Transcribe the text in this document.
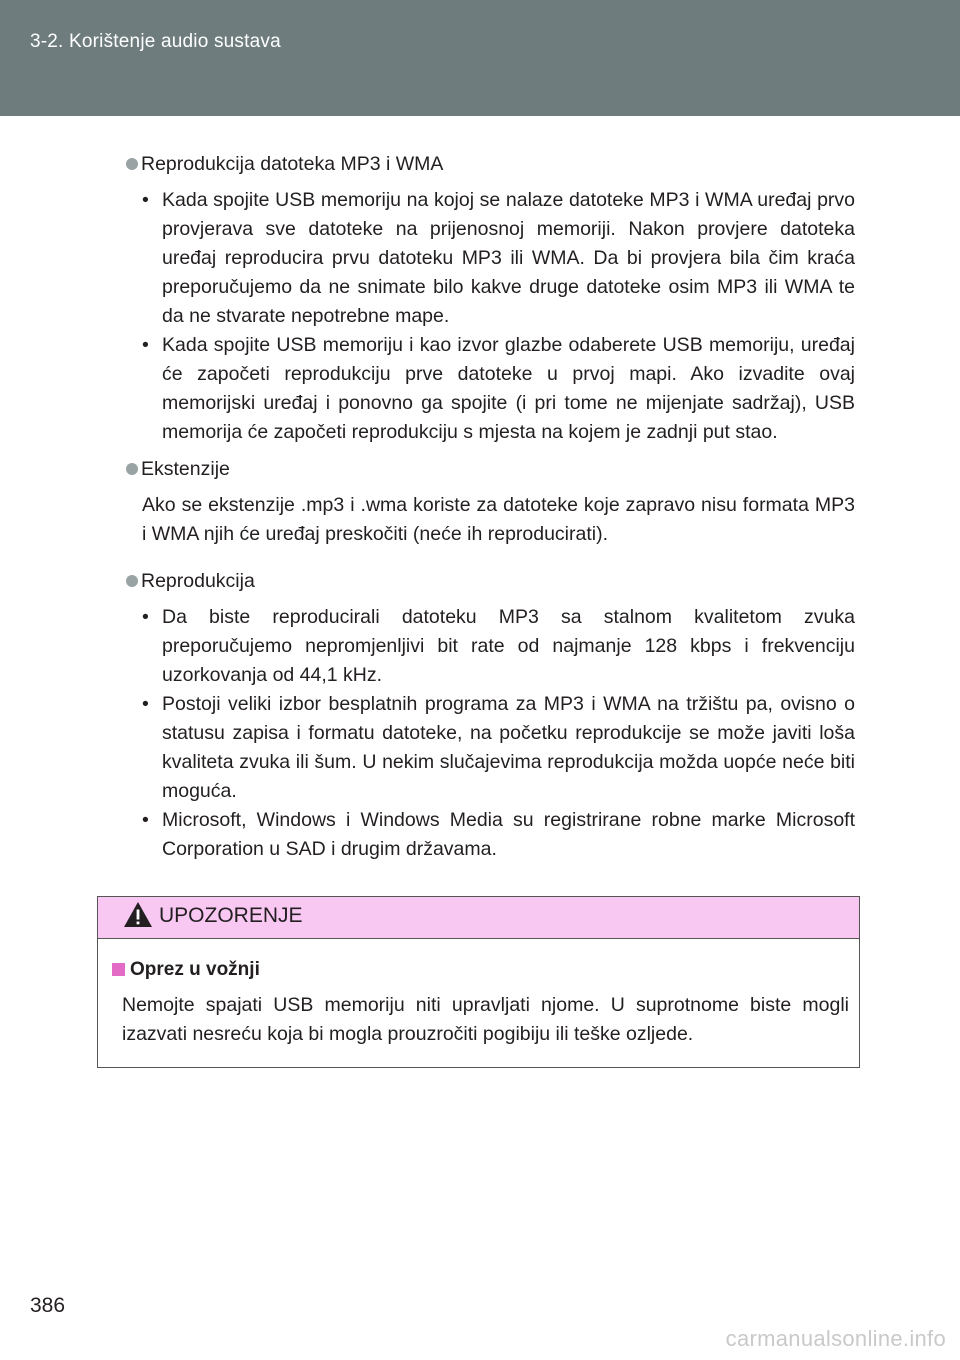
3-2. Korištenje audio sustava
Reprodukcija datoteka MP3 i WMA
• Kada spojite USB memoriju na kojoj se nalaze datoteke MP3 i WMA uređaj prvo provjerava sve datoteke na prijenosnoj memoriji. Nakon provjere datoteka uređaj reproducira prvu datoteku MP3 ili WMA. Da bi provjera bila čim kraća preporučujemo da ne snimate bilo kakve druge datoteke osim MP3 ili WMA te da ne stvarate nepotrebne mape.
• Kada spojite USB memoriju i kao izvor glazbe odaberete USB memoriju, uređaj će započeti reprodukciju prve datoteke u prvoj mapi. Ako izvadite ovaj memorijski uređaj i ponovno ga spojite (i pri tome ne mijenjate sadržaj), USB memorija će započeti reprodukciju s mjesta na kojem je zadnji put stao.
Ekstenzije
Ako se ekstenzije .mp3 i .wma koriste za datoteke koje zapravo nisu formata MP3 i WMA njih će uređaj preskočiti (neće ih reproducirati).
Reprodukcija
• Da biste reproducirali datoteku MP3 sa stalnom kvalitetom zvuka preporučujemo nepromjenljivi bit rate od najmanje 128 kbps i frekvenciju uzorkovanja od 44,1 kHz.
• Postoji veliki izbor besplatnih programa za MP3 i WMA na tržištu pa, ovisno o statusu zapisa i formatu datoteke, na početku reprodukcije se može javiti loša kvaliteta zvuka ili šum. U nekim slučajevima reprodukcija možda uopće neće biti moguća.
• Microsoft, Windows i Windows Media su registrirane robne marke Microsoft Corporation u SAD i drugim državama.
UPOZORENJE
Oprez u vožnji
Nemojte spajati USB memoriju niti upravljati njome. U suprotnome biste mogli izazvati nesreću koja bi mogla prouzročiti pogibiju ili teške ozljede.
386
carmanualsonline.info
